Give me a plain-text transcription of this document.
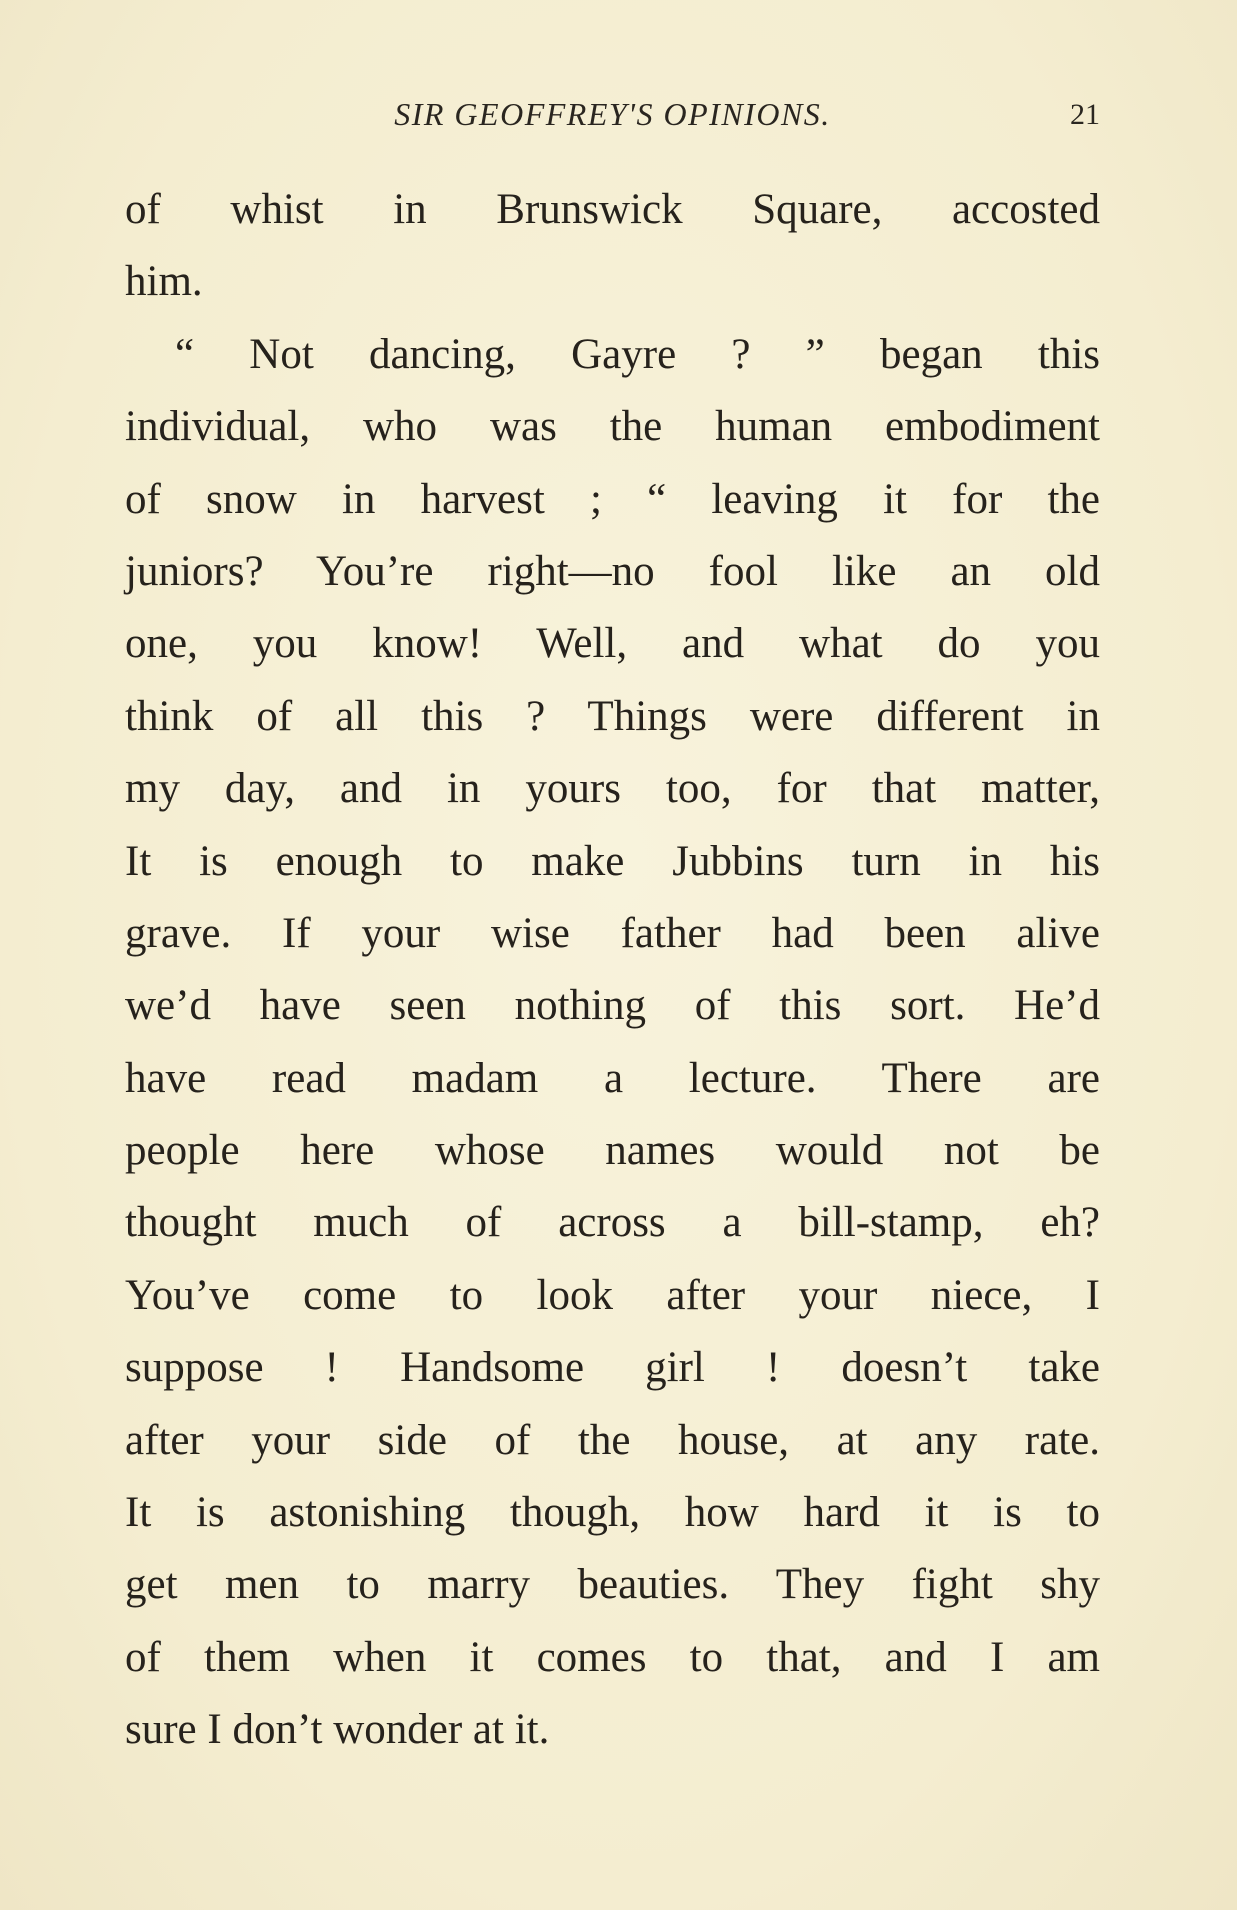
SIR GEOFFREY'S OPINIONS.	21
of whist in Brunswick Square, accosted
him.
“ Not dancing, Gayre ? ” began this
individual, who was the human embodiment
of snow in harvest ; “ leaving it for the
juniors? You’re right—no fool like an old
one, you know! Well, and what do you
think of all this ? Things were different in
my day, and in yours too, for that matter,
It is enough to make Jubbins turn in his
grave. If your wise father had been alive
we’d have seen nothing of this sort. He’d
have read madam a lecture. There are
people here whose names would not be
thought much of across a bill-stamp, eh?
You’ve come to look after your niece, I
suppose ! Handsome girl ! doesn’t take
after your side of the house, at any rate.
It is astonishing though, how hard it is to
get men to marry beauties. They fight shy
of them when it comes to that, and I am
sure I don’t wonder at it.
